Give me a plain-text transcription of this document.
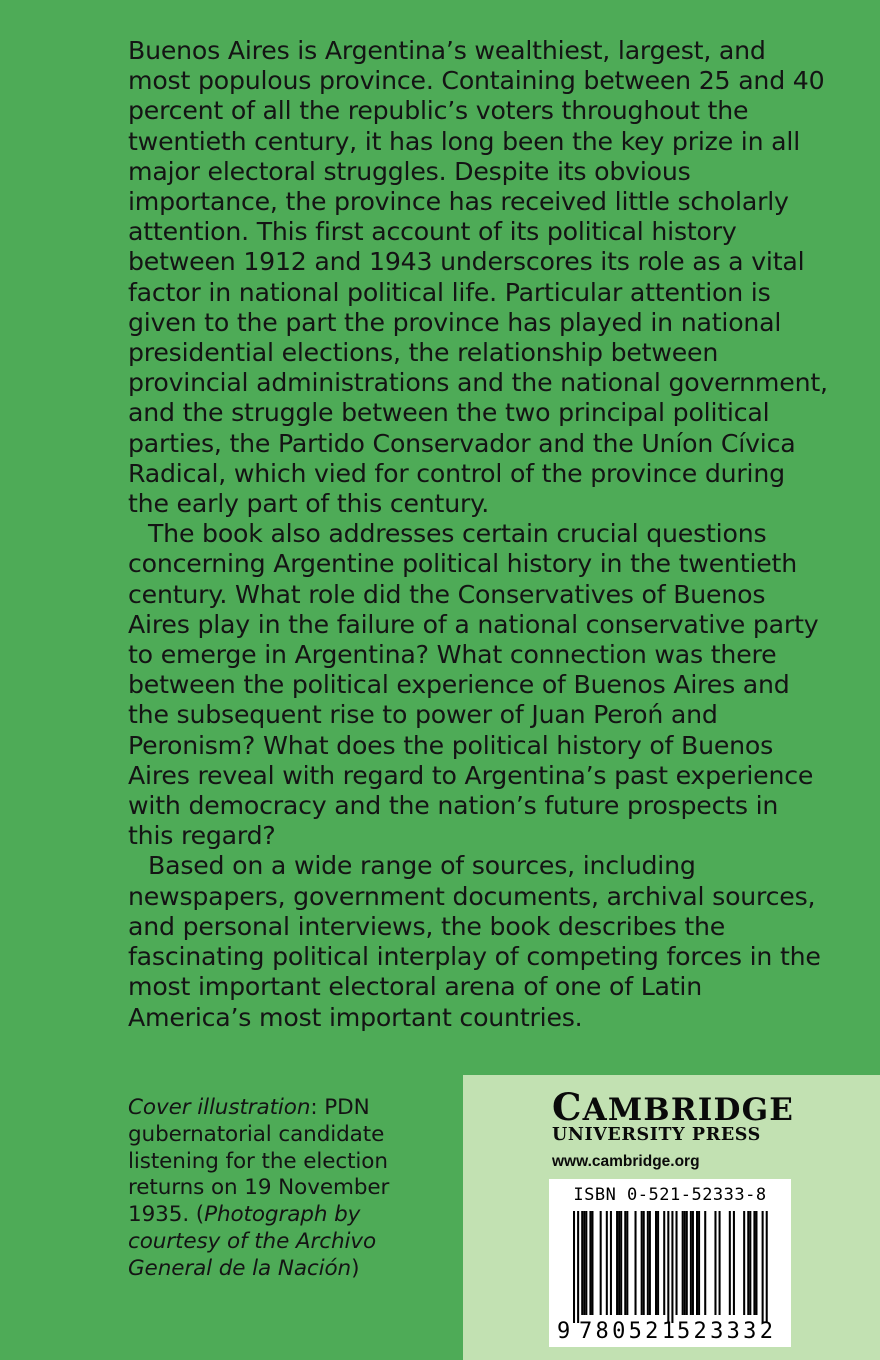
Buenos Aires is Argentina’s wealthiest, largest, and most populous province. Containing between 25 and 40 percent of all the republic’s voters throughout the twentieth century, it has long been the key prize in all major electoral struggles. Despite its obvious importance, the province has received little scholarly attention. This first account of its political history between 1912 and 1943 underscores its role as a vital factor in national political life. Particular attention is given to the part the province has played in national presidential elections, the relationship between provincial administrations and the national government, and the struggle between the two principal political parties, the Partido Conservador and the Uníon Cívica Radical, which vied for control of the province during the early part of this century.

The book also addresses certain crucial questions concerning Argentine political history in the twentieth century. What role did the Conservatives of Buenos Aires play in the failure of a national conservative party to emerge in Argentina? What connection was there between the political experience of Buenos Aires and the subsequent rise to power of Juan Peroń and Peronism? What does the political history of Buenos Aires reveal with regard to Argentina’s past experience with democracy and the nation’s future prospects in this regard?

Based on a wide range of sources, including newspapers, government documents, archival sources, and personal interviews, the book describes the fascinating political interplay of competing forces in the most important electoral arena of one of Latin America’s most important countries.

Cover illustration: PDN gubernatorial candidate listening for the election returns on 19 November 1935. (Photograph by courtesy of the Archivo General de la Nación)
CAMBRIDGE
UNIVERSITY PRESS
www.cambridge.org
ISBN 0-521-52333-8
9 780521
523332
